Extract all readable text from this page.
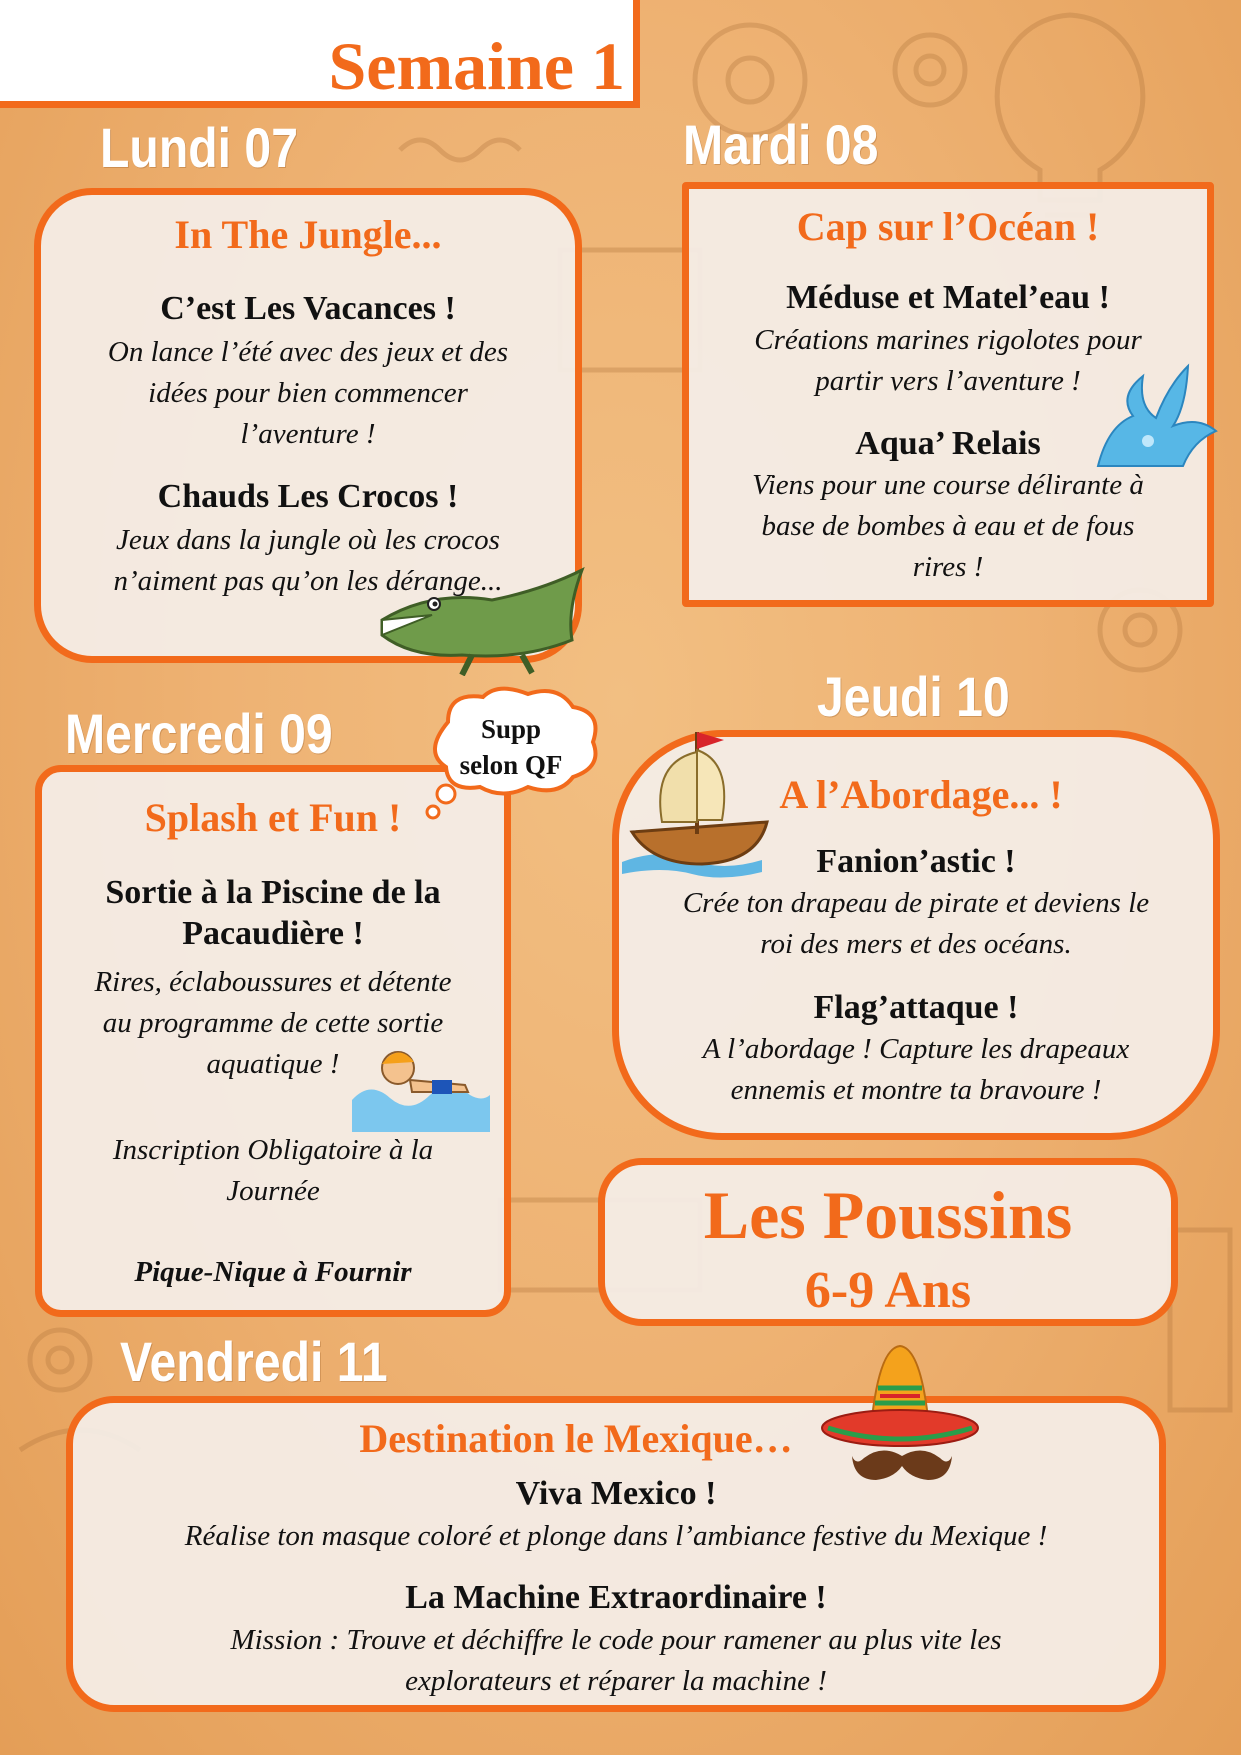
Semaine 1
Lundi 07
In The Jungle...
C’est Les Vacances !
On lance l’été avec des jeux et des
idées pour bien commencer
l’aventure !
Chauds Les Crocos !
Jeux dans la jungle où les crocos
n’aiment pas qu’on les dérange...
Mardi 08
Cap sur l’Océan !
Méduse et Matel’eau !
Créations marines rigolotes pour
partir vers l’aventure !
Aqua’ Relais
Viens pour une course délirante à
base de bombes à eau et de fous
rires !
Mercredi 09
Splash et Fun !
Sortie à la Piscine de la
Pacaudière !
Rires, éclaboussures et détente
au programme de cette sortie
aquatique !
Inscription Obligatoire à la
Journée
Pique-Nique à Fournir
Supp
selon QF
Jeudi 10
A l’Abordage... !
Fanion’astic !
Crée ton drapeau de pirate et deviens le
roi des mers et des océans.
Flag’attaque !
A l’abordage ! Capture les drapeaux
ennemis et montre ta bravoure !
Les Poussins
6-9 Ans
Vendredi 11
Destination le Mexique…
Viva Mexico !
Réalise ton masque coloré et plonge dans l’ambiance festive du Mexique !
La Machine Extraordinaire !
Mission : Trouve et déchiffre le code pour ramener au plus vite les
explorateurs et réparer la machine !
